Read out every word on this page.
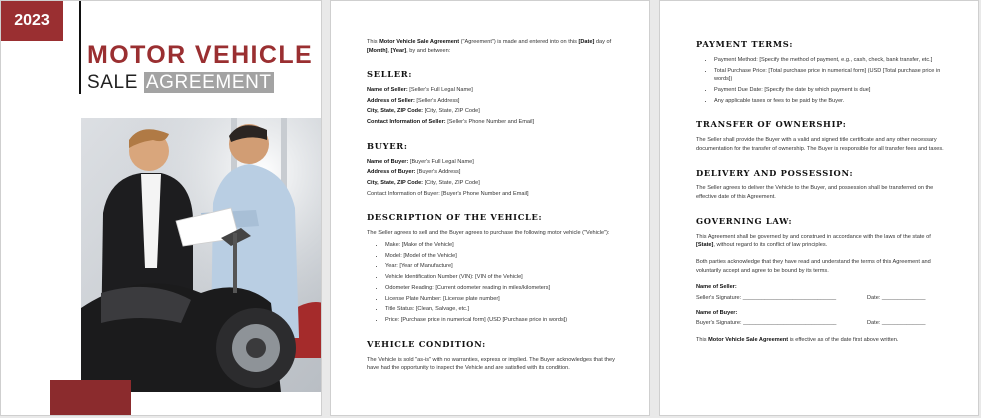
2023
MOTOR VEHICLE
SALE AGREEMENT

This Motor Vehicle Sale Agreement ("Agreement") is made and entered into on this [Date] day of [Month], [Year], by and between:

SELLER:

Name of Seller: [Seller's Full Legal Name]

Address of Seller: [Seller's Address]

City, State, ZIP Code: [City, State, ZIP Code]

Contact Information of Seller: [Seller's Phone Number and Email]

BUYER:

Name of Buyer: [Buyer's Full Legal Name]

Address of Buyer: [Buyer's Address]

City, State, ZIP Code: [City, State, ZIP Code]

Contact Information of Buyer: [Buyer's Phone Number and Email]

DESCRIPTION OF THE VEHICLE:

The Seller agrees to sell and the Buyer agrees to purchase the following motor vehicle ("Vehicle"):

• Make: [Make of the Vehicle]
• Model: [Model of the Vehicle]
• Year: [Year of Manufacture]
• Vehicle Identification Number (VIN): [VIN of the Vehicle]
• Odometer Reading: [Current odometer reading in miles/kilometers]
• License Plate Number: [License plate number]
• Title Status: [Clean, Salvage, etc.]
• Price: [Purchase price in numerical form] (USD [Purchase price in words])
VEHICLE CONDITION:

The Vehicle is sold "as-is" with no warranties, express or implied. The Buyer acknowledges that they have had the opportunity to inspect the Vehicle and are satisfied with its condition.

PAYMENT TERMS:
• Payment Method: [Specify the method of payment, e.g., cash, check, bank transfer, etc.]
• Total Purchase Price: [Total purchase price in numerical form] (USD [Total purchase price in words])
• Payment Due Date: [Specify the date by which payment is due]
• Any applicable taxes or fees to be paid by the Buyer.
TRANSFER OF OWNERSHIP:

The Seller shall provide the Buyer with a valid and signed title certificate and any other necessary documentation for the transfer of ownership. The Buyer is responsible for all transfer fees and taxes.

DELIVERY AND POSSESSION:

The Seller agrees to deliver the Vehicle to the Buyer, and possession shall be transferred on the effective date of this Agreement.

GOVERNING LAW:

This Agreement shall be governed by and construed in accordance with the laws of the state of [State], without regard to its conflict of law principles.

Both parties acknowledge that they have read and understand the terms of this Agreement and voluntarily accept and agree to be bound by its terms.

Name of Seller:

Seller's Signature: ______________________________	Date: ______________

Name of Buyer:

Buyer's Signature: ______________________________	Date: ______________

This Motor Vehicle Sale Agreement is effective as of the date first above written.
